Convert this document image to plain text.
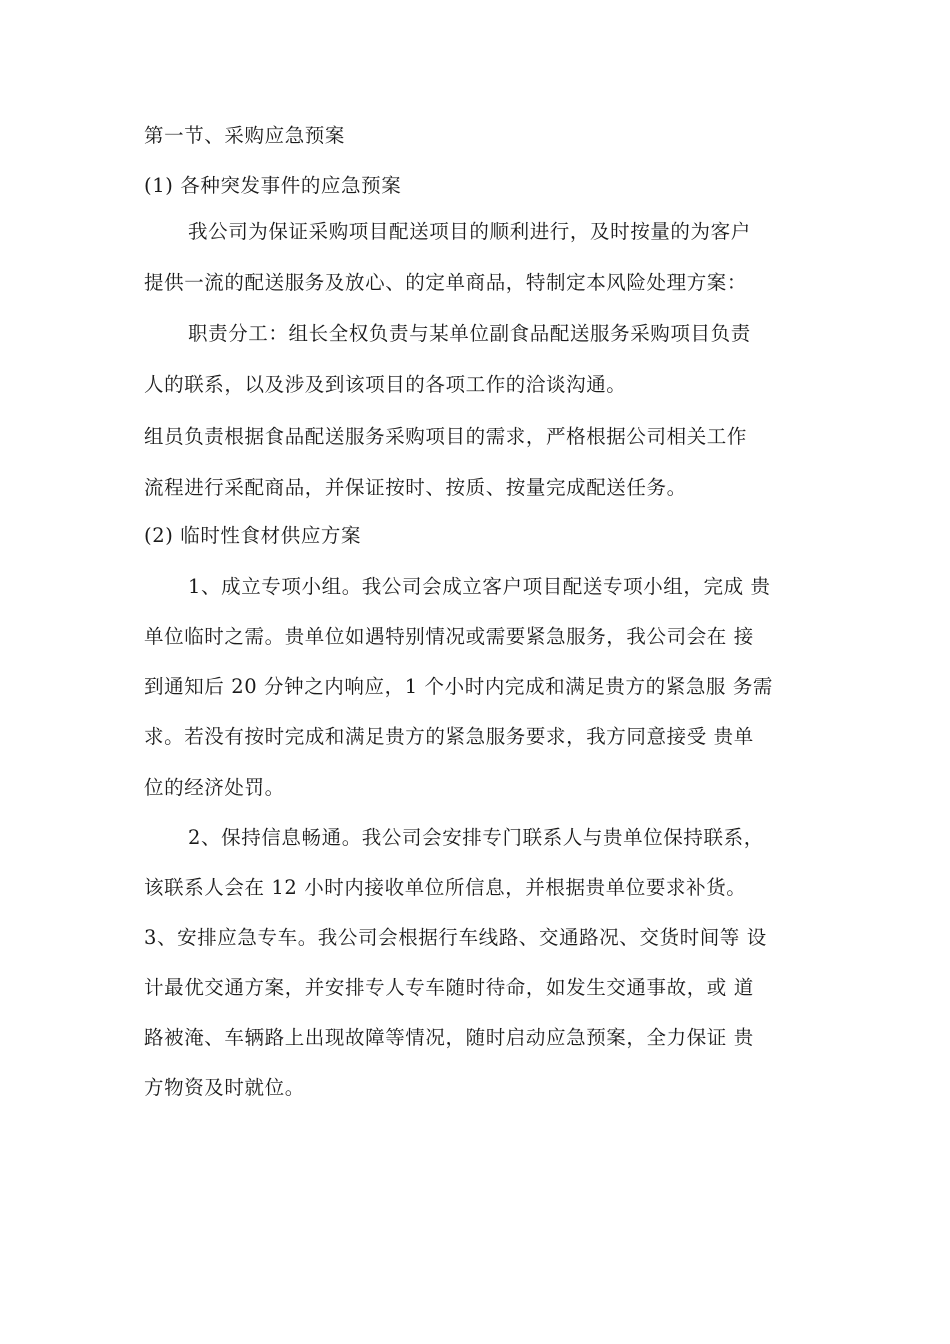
第一节、采购应急预案
(1) 各种突发事件的应急预案
我公司为保证采购项目配送项目的顺利进行，及时按量的为客户
提供一流的配送服务及放心、的定单商品，特制定本风险处理方案：
职责分工：组长全权负责与某单位副食品配送服务采购项目负责
人的联系，以及涉及到该项目的各项工作的洽谈沟通。
组员负责根据食品配送服务采购项目的需求，严格根据公司相关工作
流程进行采配商品，并保证按时、按质、按量完成配送任务。
(2) 临时性食材供应方案
1、成立专项小组。我公司会成立客户项目配送专项小组，完成 贵
单位临时之需。贵单位如遇特别情况或需要紧急服务，我公司会在 接
到通知后 20 分钟之内响应，1 个小时内完成和满足贵方的紧急服 务需
求。若没有按时完成和满足贵方的紧急服务要求，我方同意接受 贵单
位的经济处罚。
2、保持信息畅通。我公司会安排专门联系人与贵单位保持联系，
该联系人会在 12 小时内接收单位所信息，并根据贵单位要求补货。
3、安排应急专车。我公司会根据行车线路、交通路况、交货时间等 设
计最优交通方案，并安排专人专车随时待命，如发生交通事故，或 道
路被淹、车辆路上出现故障等情况，随时启动应急预案，全力保证 贵
方物资及时就位。
